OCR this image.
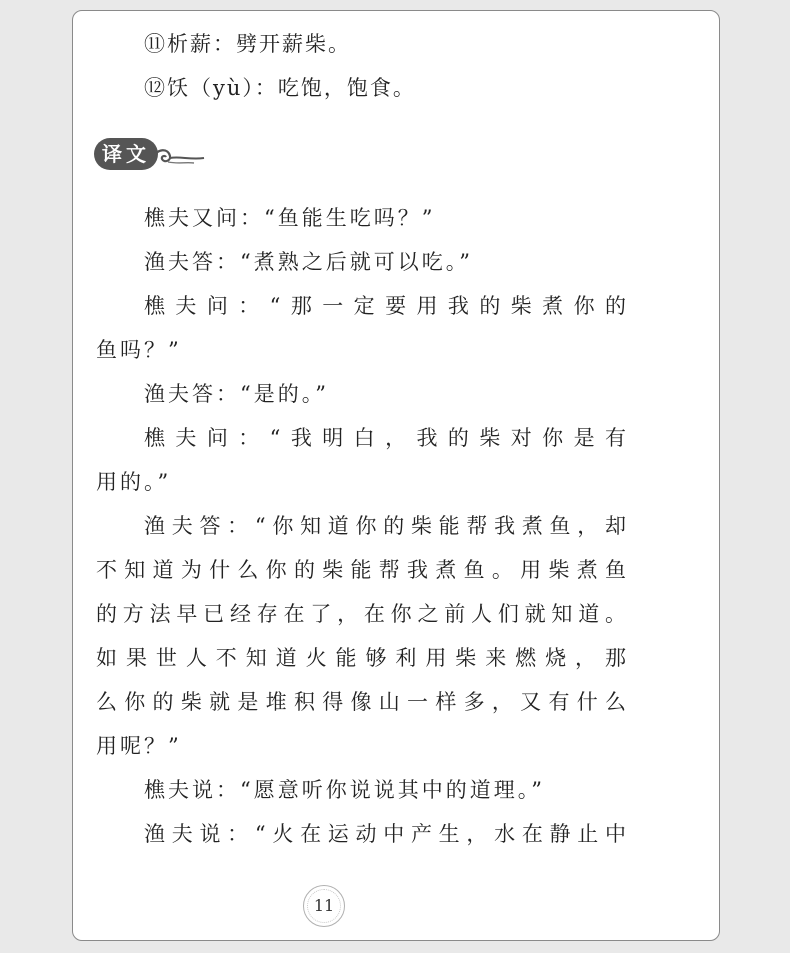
⑪析薪：劈开薪柴。
⑫饫（yù）：吃饱，饱食。
译文
樵夫又问：“鱼能生吃吗？”
渔夫答：“煮熟之后就可以吃。”
樵夫问：“那一定要用我的柴煮你的
鱼吗？”
渔夫答：“是的。”
樵夫问：“我明白，我的柴对你是有
用的。”
渔夫答：“你知道你的柴能帮我煮鱼，却
不知道为什么你的柴能帮我煮鱼。用柴煮鱼
的方法早已经存在了，在你之前人们就知道。
如果世人不知道火能够利用柴来燃烧，那
么你的柴就是堆积得像山一样多，又有什么
用呢？”
樵夫说：“愿意听你说说其中的道理。”
渔夫说：“火在运动中产生，水在静止中
11
